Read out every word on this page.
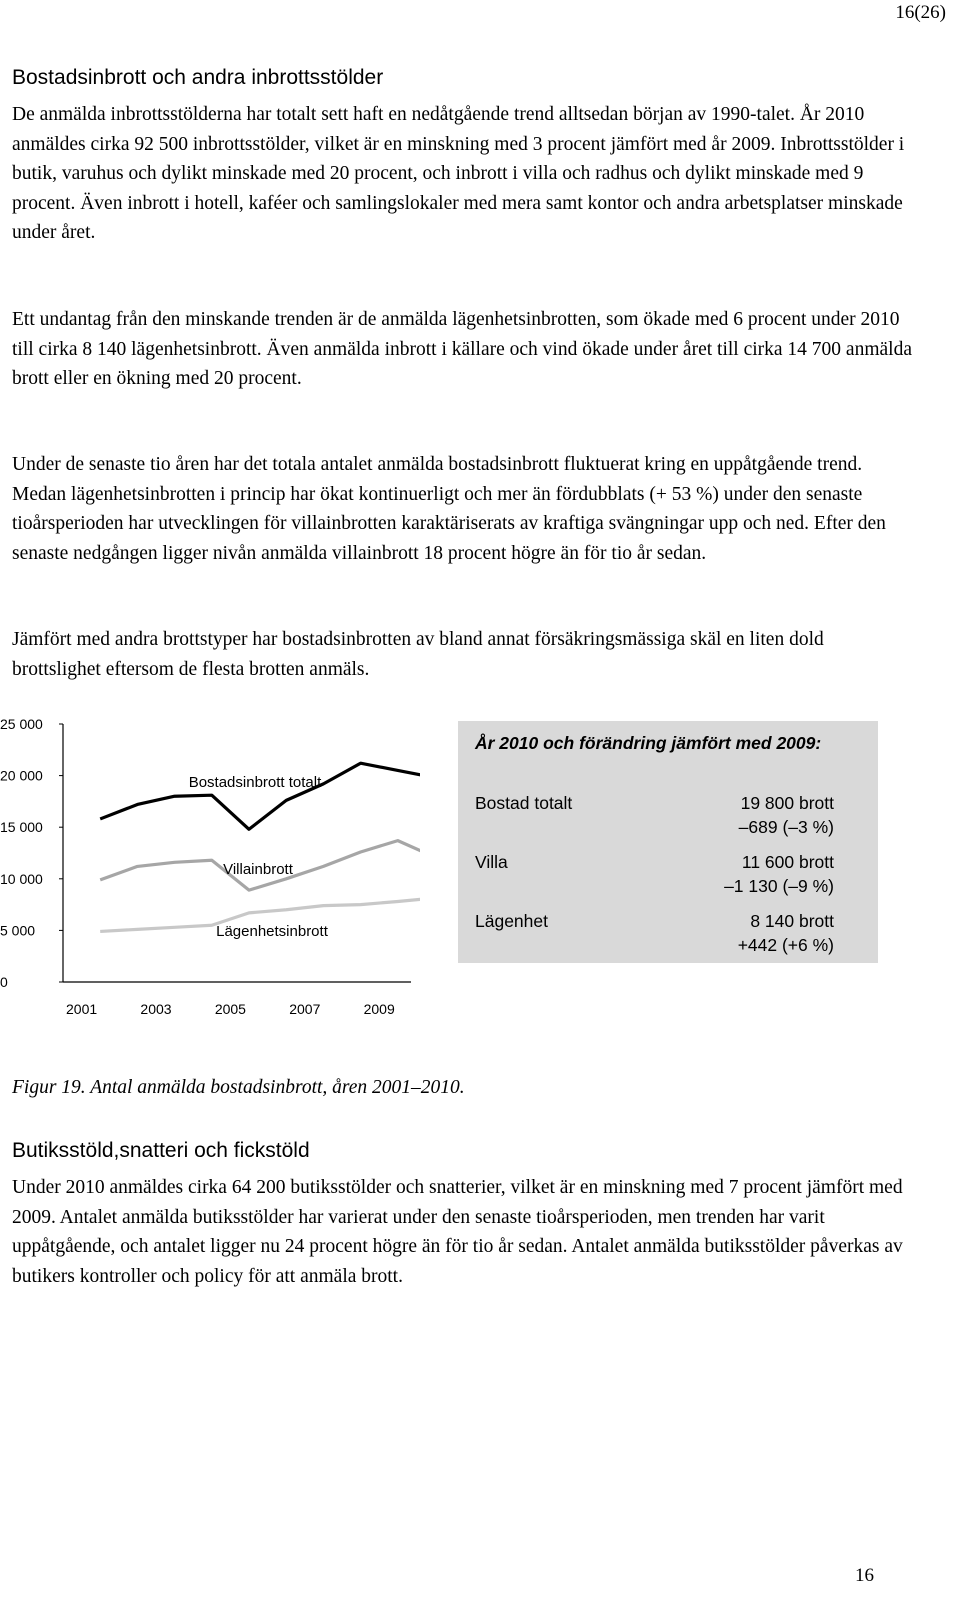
16(26)
Bostadsinbrott och andra inbrottsstölder
De anmälda inbrottsstölderna har totalt sett haft en nedåtgående trend alltsedan början av 1990-talet. År 2010 anmäldes cirka 92 500 inbrottsstölder, vilket är en minskning med 3 procent jämfört med år 2009. Inbrottsstölder i butik, varuhus och dylikt minskade med 20 procent, och inbrott i villa och radhus och dylikt minskade med 9 procent. Även inbrott i hotell, kaféer och samlingslokaler med mera samt kontor och andra arbetsplatser minskade under året.
Ett undantag från den minskande trenden är de anmälda lägenhetsinbrotten, som ökade med 6 procent under 2010 till cirka 8 140 lägenhetsinbrott. Även anmälda inbrott i källare och vind ökade under året till cirka 14 700 anmälda brott eller en ökning med 20 procent.
Under de senaste tio åren har det totala antalet anmälda bostadsinbrott fluktuerat kring en uppåtgående trend. Medan lägenhetsinbrotten i princip har ökat kontinuerligt och mer än fördubblats (+ 53 %) under den senaste tioårsperioden har utvecklingen för villainbrotten karaktäriserats av kraftiga svängningar upp och ned. Efter den senaste nedgången ligger nivån anmälda villainbrott 18 procent högre än för tio år sedan.
Jämfört med andra brottstyper har bostadsinbrotten av bland annat försäkringsmässiga skäl en liten dold brottslighet eftersom de flesta brotten anmäls.
25 000
20 000
15 000
10 000
5 000
0
2001	2003	2005	2007	2009
Bostadsinbrott totalt
Villainbrott
Lägenhetsinbrott
År 2010 och förändring jämfört med 2009:
Bostad totalt	19 800 brott
–689 (–3 %)
Villa	11 600 brott
–1 130 (–9 %)
Lägenhet	8 140 brott
+442 (+6 %)
Figur 19. Antal anmälda bostadsinbrott, åren 2001–2010.
Butiksstöld,snatteri och fickstöld
Under 2010 anmäldes cirka 64 200 butiksstölder och snatterier, vilket är en minskning med 7 procent jämfört med 2009. Antalet anmälda butiksstölder har varierat under den senaste tioårsperioden, men trenden har varit uppåtgående, och antalet ligger nu 24 procent högre än för tio år sedan. Antalet anmälda butiksstölder påverkas av butikers kontroller och policy för att anmäla brott.
16
